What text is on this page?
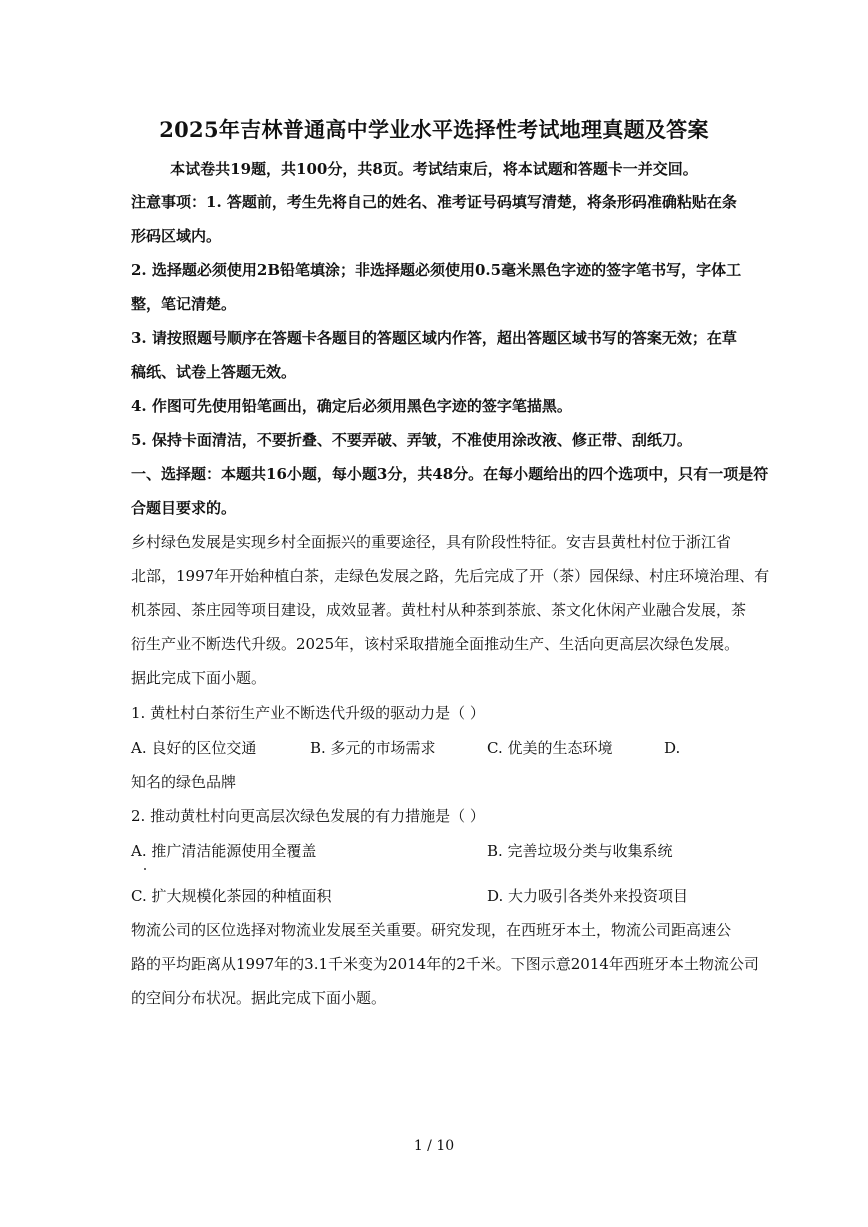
2025年吉林普通高中学业水平选择性考试地理真题及答案
本试卷共19题，共100分，共8页。考试结束后，将本试题和答题卡一并交回。
注意事项：1. 答题前，考生先将自己的姓名、准考证号码填写清楚，将条形码准确粘贴在条
形码区域内。
2. 选择题必须使用2B铅笔填涂；非选择题必须使用0.5毫米黑色字迹的签字笔书写，字体工
整，笔记清楚。
3. 请按照题号顺序在答题卡各题目的答题区域内作答，超出答题区域书写的答案无效；在草
稿纸、试卷上答题无效。
4. 作图可先使用铅笔画出，确定后必须用黑色字迹的签字笔描黑。
5. 保持卡面清洁，不要折叠、不要弄破、弄皱，不准使用涂改液、修正带、刮纸刀。
一、选择题：本题共16小题，每小题3分，共48分。在每小题给出的四个选项中，只有一项是符
合题目要求的。
乡村绿色发展是实现乡村全面振兴的重要途径，具有阶段性特征。安吉县黄杜村位于浙江省
北部，1997年开始种植白茶，走绿色发展之路，先后完成了开（茶）园保绿、村庄环境治理、有
机茶园、茶庄园等项目建设，成效显著。黄杜村从种茶到茶旅、茶文化休闲产业融合发展，茶
衍生产业不断迭代升级。2025年，该村采取措施全面推动生产、生活向更高层次绿色发展。
据此完成下面小题。
1. 黄杜村白茶衍生产业不断迭代升级的驱动力是（ ）
A. 良好的区位交通	B. 多元的市场需求	C. 优美的生态环境	D.
知名的绿色品牌
2. 推动黄杜村向更高层次绿色发展的有力措施是（ ）
A. 推广清洁能源使用全覆盖	B. 完善垃圾分类与收集系统
C. 扩大规模化茶园的种植面积	D. 大力吸引各类外来投资项目
物流公司的区位选择对物流业发展至关重要。研究发现，在西班牙本土，物流公司距高速公
路的平均距离从1997年的3.1千米变为2014年的2千米。下图示意2014年西班牙本土物流公司
的空间分布状况。据此完成下面小题。
1 / 10
